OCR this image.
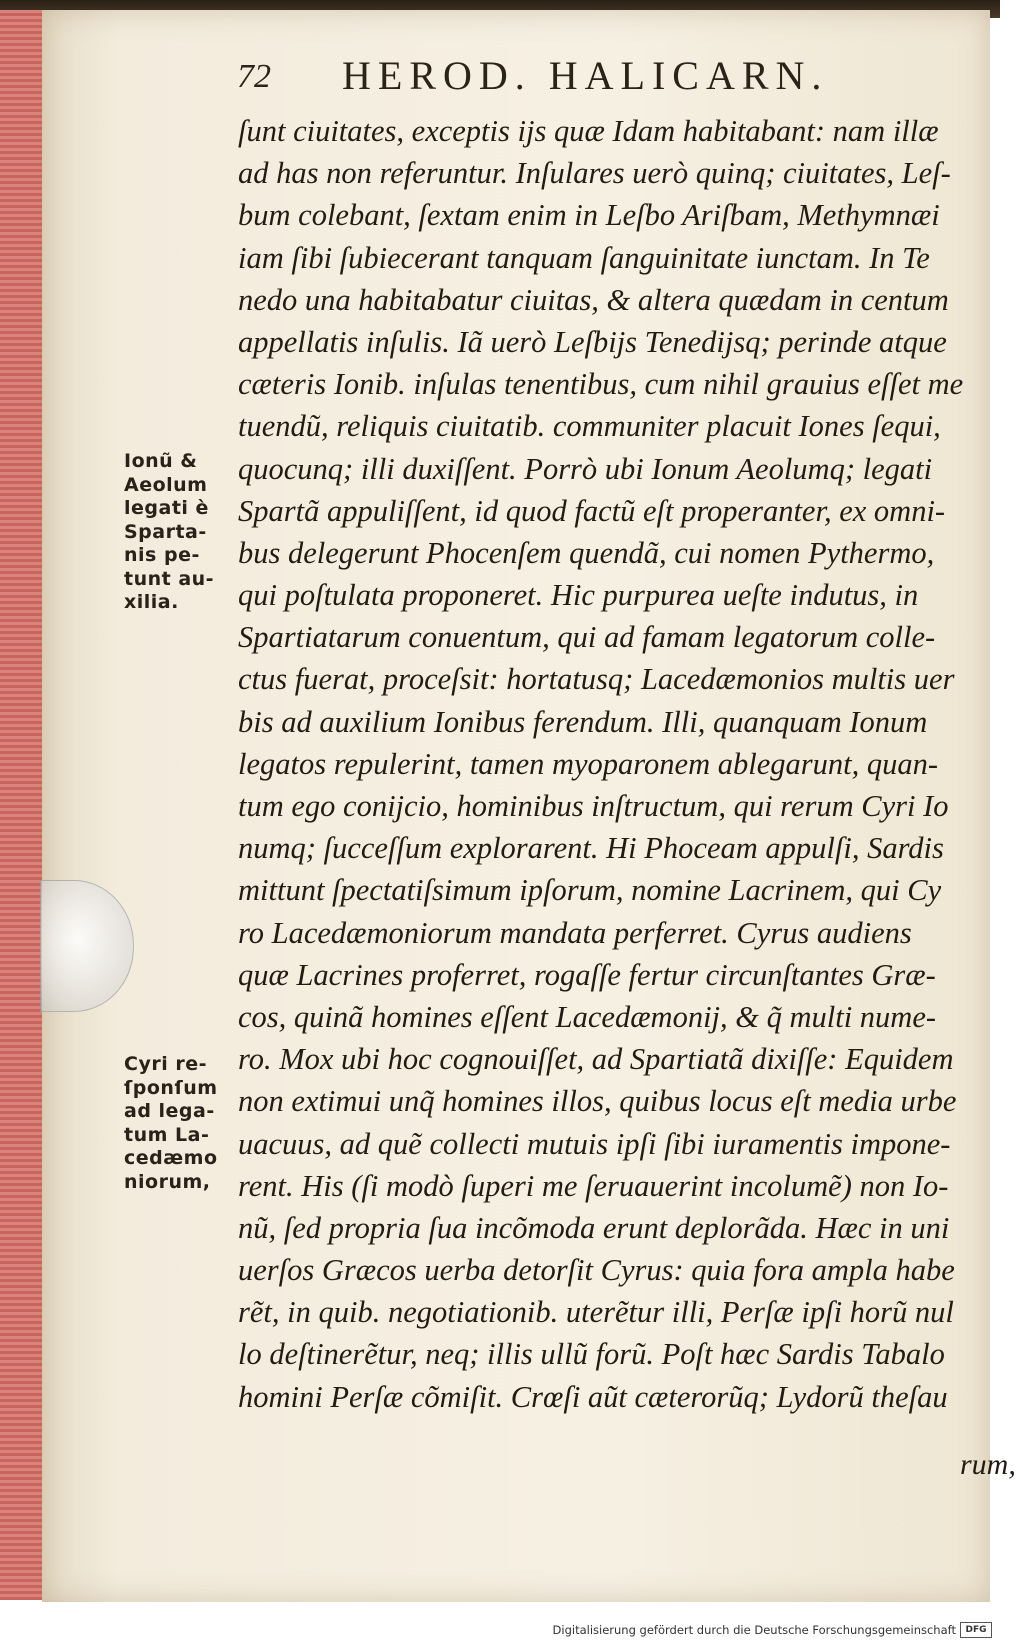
72 HEROD. HALICARN.
Ionũ &
Aeolum
legati è
Sparta-
nis pe-
tunt au-
xilia.
Cyri re-
ſponſum
ad lega-
tum La-
cedæmo
niorum,
ſunt ciuitates, exceptis ijs quæ Idam habitabant: nam illæ
ad has non referuntur. Inſulares uerò quinq; ciuitates, Leſ-
bum colebant, ſextam enim in Leſbo Ariſbam, Methymnæi
iam ſibi ſubiecerant tanquam ſanguinitate iunctam. In Te
nedo una habitabatur ciuitas, & altera quædam in centum
appellatis inſulis. Iã uerò Leſbijs Tenedijsq; perinde atque
cæteris Ionib. inſulas tenentibus, cum nihil grauius eſſet me
tuendũ, reliquis ciuitatib. communiter placuit Iones ſequi,
quocunq; illi duxiſſent. Porrò ubi Ionum Aeolumq; legati
Spartã appuliſſent, id quod factũ eſt properanter, ex omni-
bus delegerunt Phocenſem quendã, cui nomen Pythermo,
qui poſtulata proponeret. Hic purpurea ueſte indutus, in
Spartiatarum conuentum, qui ad famam legatorum colle-
ctus fuerat, proceſsit: hortatusq; Lacedæmonios multis uer
bis ad auxilium Ionibus ferendum. Illi, quanquam Ionum
legatos repulerint, tamen myoparonem ablegarunt, quan-
tum ego conijcio, hominibus inſtructum, qui rerum Cyri Io
numq; ſucceſſum explorarent. Hi Phoceam appulſi, Sardis
mittunt ſpectatiſsimum ipſorum, nomine Lacrinem, qui Cy
ro Lacedæmoniorum mandata perferret. Cyrus audiens
quæ Lacrines proferret, rogaſſe fertur circunſtantes Græ-
cos, quinã homines eſſent Lacedæmonij, & q̃ multi nume-
ro. Mox ubi hoc cognouiſſet, ad Spartiatã dixiſſe: Equidem
non extimui unq̃ homines illos, quibus locus eſt media urbe
uacuus, ad quẽ collecti mutuis ipſi ſibi iuramentis impone-
rent. His (ſi modò ſuperi me ſeruauerint incolumẽ) non Io-
nũ, ſed propria ſua incõmoda erunt deplorãda. Hæc in uni
uerſos Græcos uerba detorſit Cyrus: quia fora ampla habe
rẽt, in quib. negotiationib. uterẽtur illi, Perſæ ipſi horũ nul
lo deſtinerẽtur, neq; illis ullũ forũ. Poſt hæc Sardis Tabalo
homini Perſæ cõmiſit. Crœſi aũt cæterorũq; Lydorũ theſau
rum,
Digitalisierung gefördert durch die Deutsche Forschungsgemeinschaft	DFG
